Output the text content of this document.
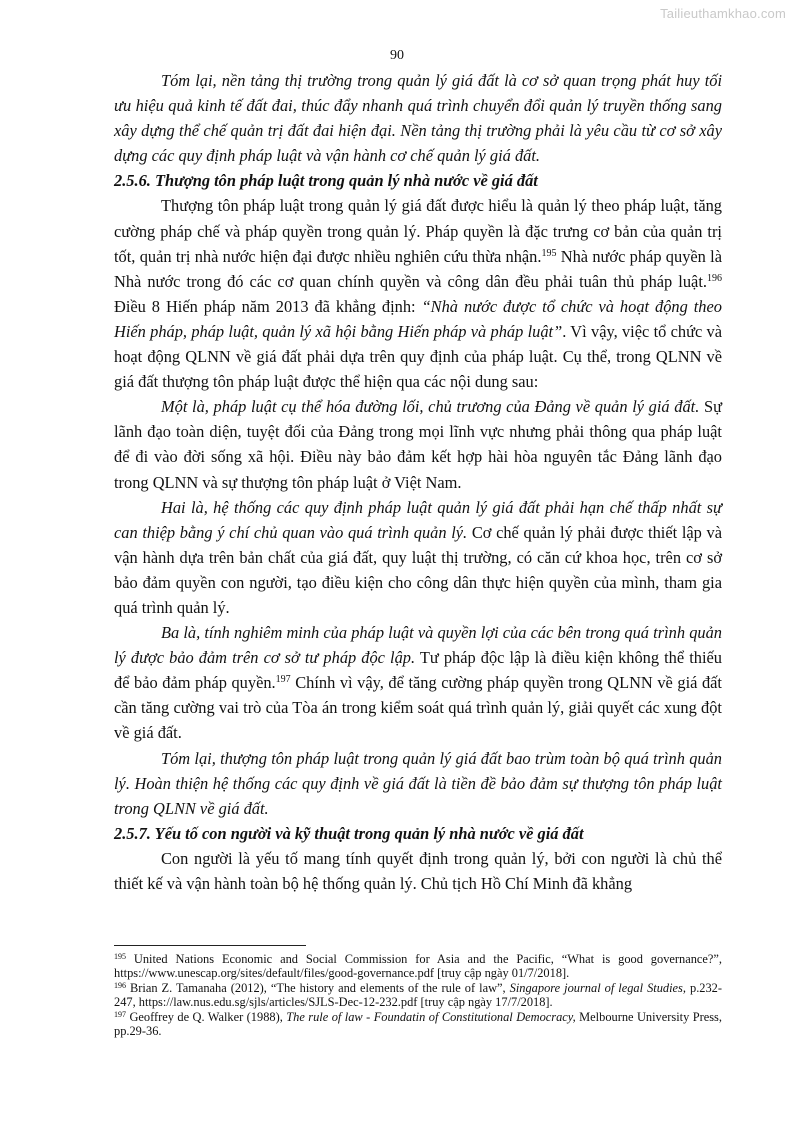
Tailieuthamkhao.com
90

Tóm lại, nền tảng thị trường trong quản lý giá đất là cơ sở quan trọng phát huy tối ưu hiệu quả kinh tế đất đai, thúc đẩy nhanh quá trình chuyển đổi quản lý truyền thống sang xây dựng thể chế quản trị đất đai hiện đại. Nền tảng thị trường phải là yêu cầu từ cơ sở xây dựng các quy định pháp luật và vận hành cơ chế quản lý giá đất.

2.5.6. Thượng tôn pháp luật trong quản lý nhà nước về giá đất

Thượng tôn pháp luật trong quản lý giá đất được hiểu là quản lý theo pháp luật, tăng cường pháp chế và pháp quyền trong quản lý. Pháp quyền là đặc trưng cơ bản của quản trị tốt, quản trị nhà nước hiện đại được nhiều nghiên cứu thừa nhận.$^{195}$ Nhà nước pháp quyền là Nhà nước trong đó các cơ quan chính quyền và công dân đều phải tuân thủ pháp luật.$^{196}$ Điều 8 Hiến pháp năm 2013 đã khẳng định: “Nhà nước được tổ chức và hoạt động theo Hiến pháp, pháp luật, quản lý xã hội bằng Hiến pháp và pháp luật”. Vì vậy, việc tổ chức và hoạt động QLNN về giá đất phải dựa trên quy định của pháp luật. Cụ thể, trong QLNN về giá đất thượng tôn pháp luật được thể hiện qua các nội dung sau:

Một là, pháp luật cụ thể hóa đường lối, chủ trương của Đảng về quản lý giá đất. Sự lãnh đạo toàn diện, tuyệt đối của Đảng trong mọi lĩnh vực nhưng phải thông qua pháp luật để đi vào đời sống xã hội. Điều này bảo đảm kết hợp hài hòa nguyên tắc Đảng lãnh đạo trong QLNN và sự thượng tôn pháp luật ở Việt Nam.

Hai là, hệ thống các quy định pháp luật quản lý giá đất phải hạn chế thấp nhất sự can thiệp bằng ý chí chủ quan vào quá trình quản lý. Cơ chế quản lý phải được thiết lập và vận hành dựa trên bản chất của giá đất, quy luật thị trường, có căn cứ khoa học, trên cơ sở bảo đảm quyền con người, tạo điều kiện cho công dân thực hiện quyền của mình, tham gia quá trình quản lý.

Ba là, tính nghiêm minh của pháp luật và quyền lợi của các bên trong quá trình quản lý được bảo đảm trên cơ sở tư pháp độc lập. Tư pháp độc lập là điều kiện không thể thiếu để bảo đảm pháp quyền.$^{197}$ Chính vì vậy, để tăng cường pháp quyền trong QLNN về giá đất cần tăng cường vai trò của Tòa án trong kiểm soát quá trình quản lý, giải quyết các xung đột về giá đất.

Tóm lại, thượng tôn pháp luật trong quản lý giá đất bao trùm toàn bộ quá trình quản lý. Hoàn thiện hệ thống các quy định về giá đất là tiền đề bảo đảm sự thượng tôn pháp luật trong QLNN về giá đất.

2.5.7. Yếu tố con người và kỹ thuật trong quản lý nhà nước về giá đất

Con người là yếu tố mang tính quyết định trong quản lý, bởi con người là chủ thể thiết kế và vận hành toàn bộ hệ thống quản lý. Chủ tịch Hồ Chí Minh đã khẳng

$^{195}$ United Nations Economic and Social Commission for Asia and the Pacific, “What is good governance?”, https://www.unescap.org/sites/default/files/good-governance.pdf [truy cập ngày 01/7/2018].

$^{196}$ Brian Z. Tamanaha (2012), “The history and elements of the rule of law”, Singapore journal of legal Studies, p.232-247, https://law.nus.edu.sg/sjls/articles/SJLS-Dec-12-232.pdf [truy cập ngày 17/7/2018].

$^{197}$ Geoffrey de Q. Walker (1988), The rule of law - Foundatin of Constitutional Democracy, Melbourne University Press, pp.29-36.
